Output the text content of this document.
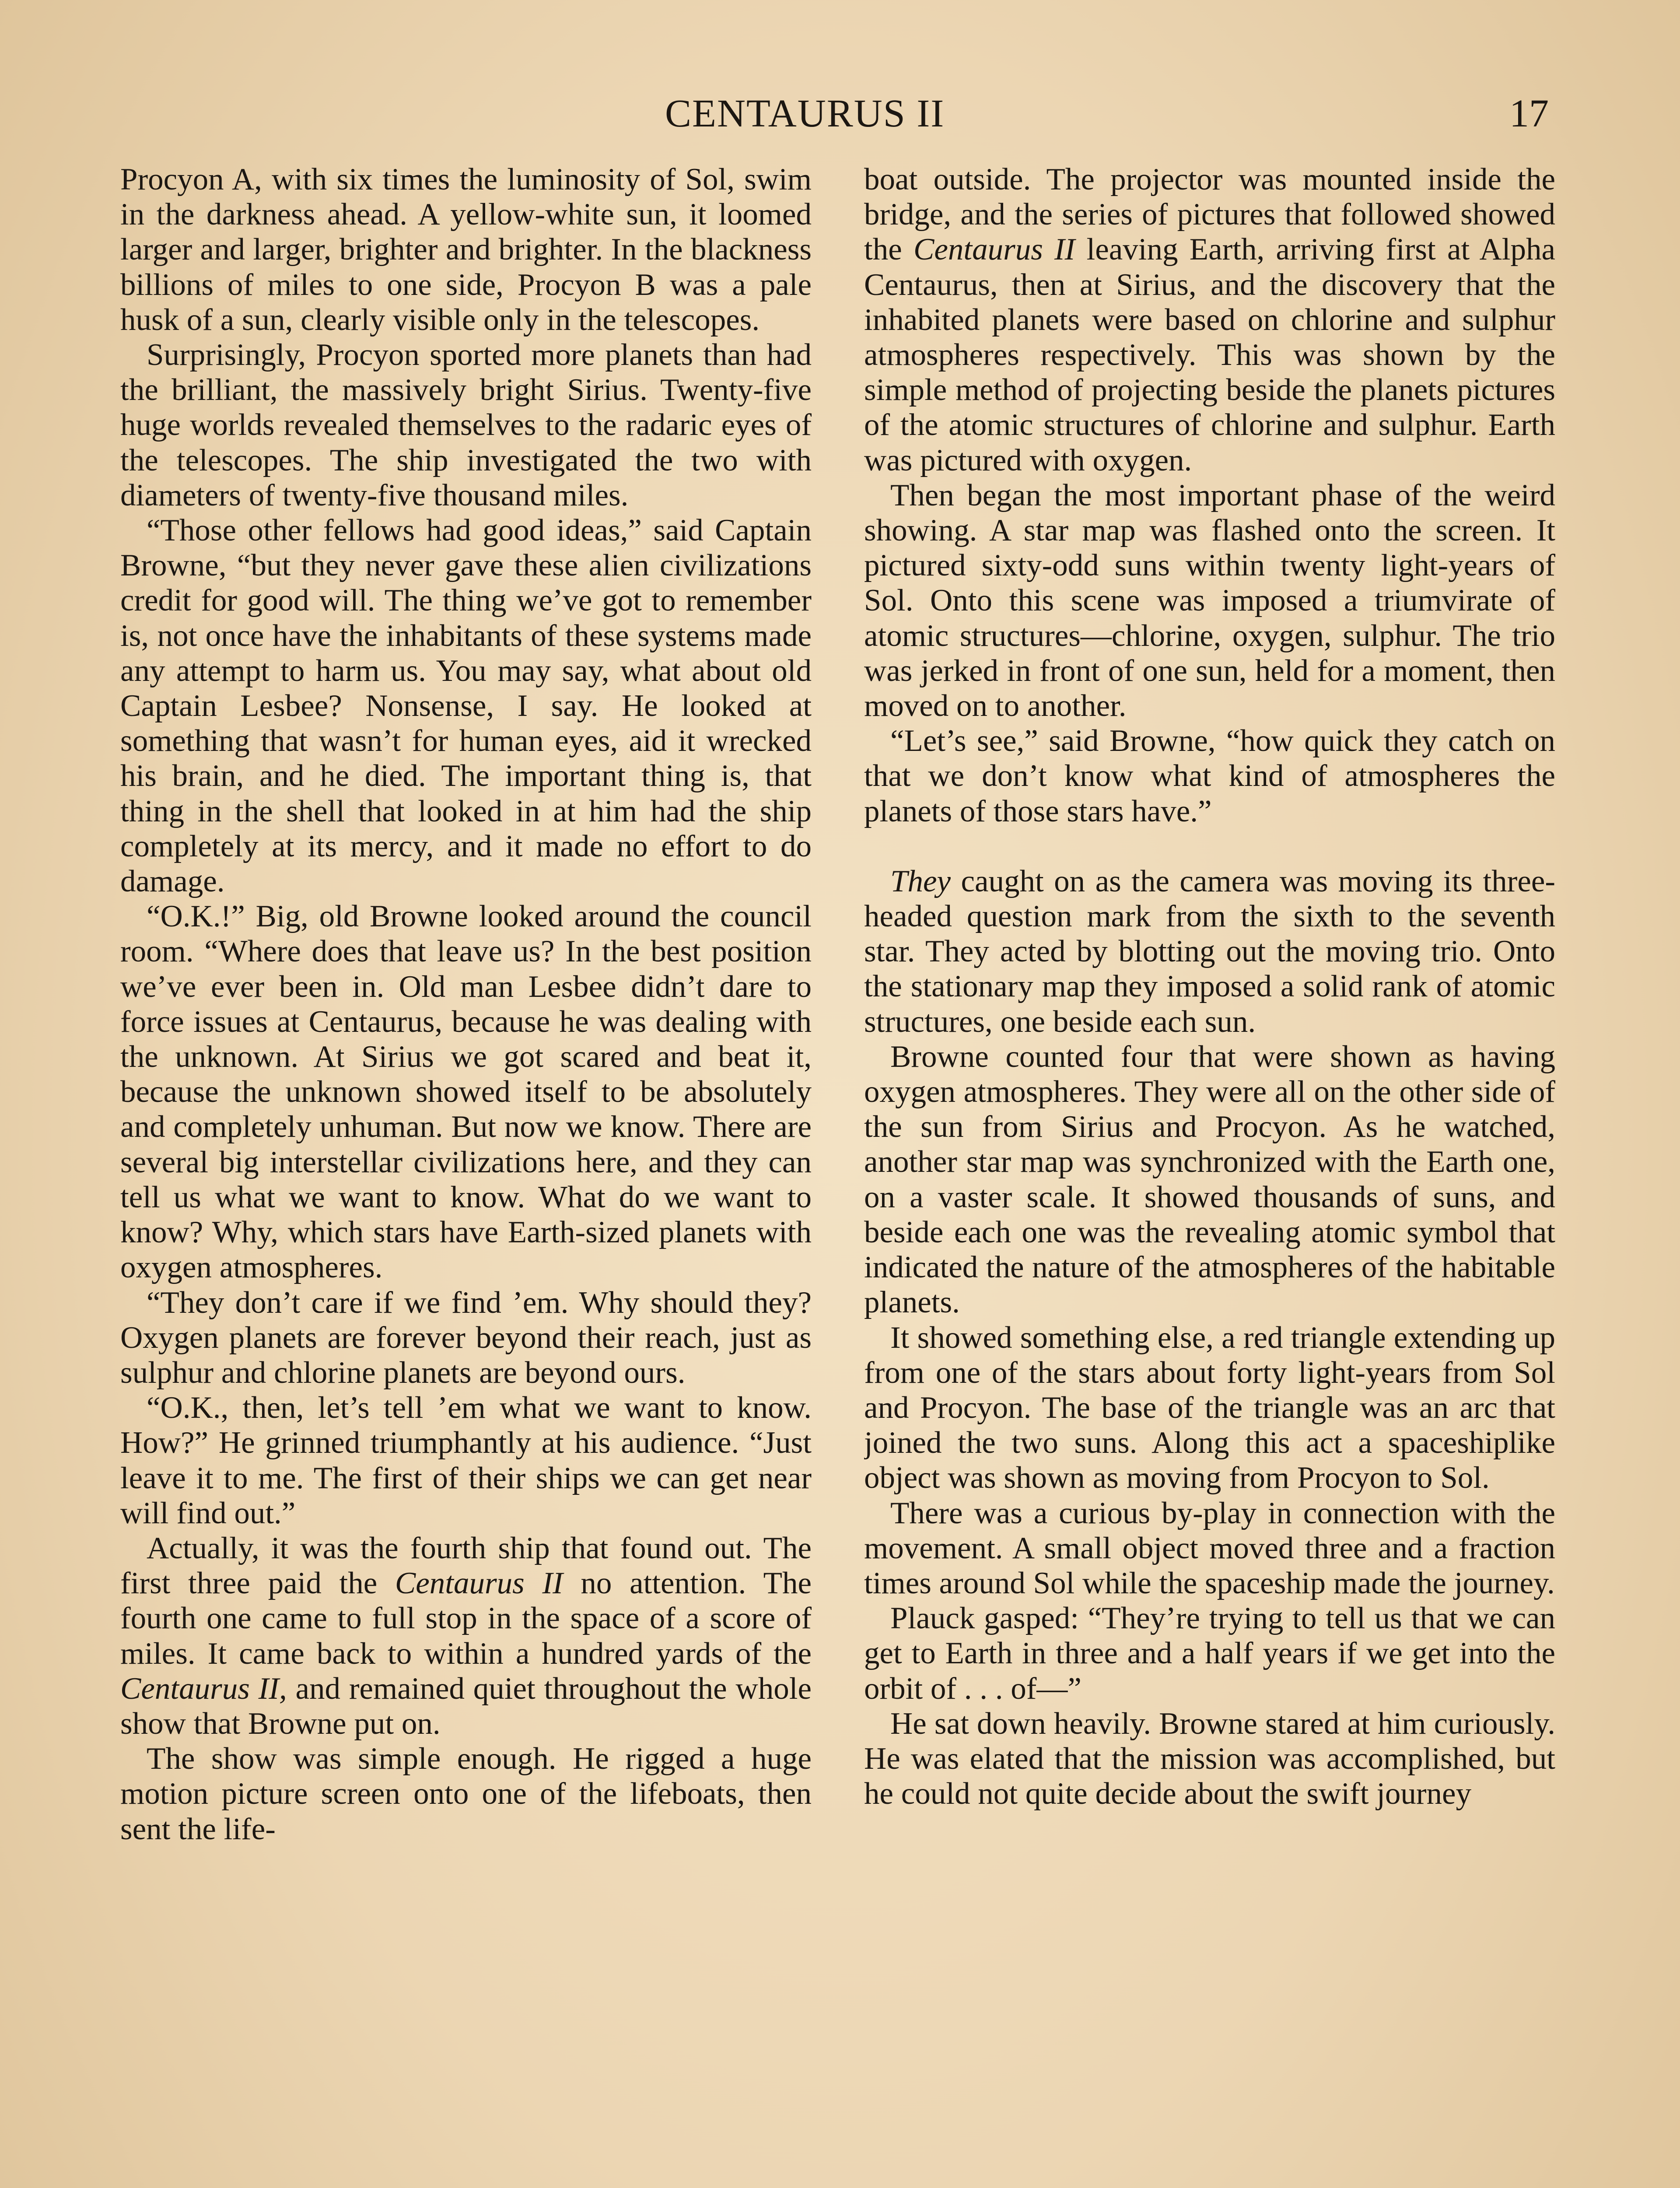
CENTAURUS II	17

Procyon A, with six times the luminosity of Sol, swim in the darkness ahead. A yellow-white sun, it loomed larger and larger, brighter and brighter. In the blackness billions of miles to one side, Procyon B was a pale husk of a sun, clearly visible only in the telescopes.

Surprisingly, Procyon sported more planets than had the brilliant, the massively bright Sirius. Twenty-five huge worlds revealed themselves to the radaric eyes of the telescopes. The ship investigated the two with diameters of twenty-five thousand miles.

“Those other fellows had good ideas,” said Captain Browne, “but they never gave these alien civilizations credit for good will. The thing we’ve got to remember is, not once have the inhabitants of these systems made any attempt to harm us. You may say, what about old Captain Lesbee? Nonsense, I say. He looked at something that wasn’t for human eyes, aid it wrecked his brain, and he died. The important thing is, that thing in the shell that looked in at him had the ship completely at its mercy, and it made no effort to do damage.

“O.K.!” Big, old Browne looked around the council room. “Where does that leave us? In the best position we’ve ever been in. Old man Lesbee didn’t dare to force issues at Centaurus, because he was dealing with the unknown. At Sirius we got scared and beat it, because the unknown showed itself to be absolutely and completely unhuman. But now we know. There are several big interstellar civilizations here, and they can tell us what we want to know. What do we want to know? Why, which stars have Earth-sized planets with oxygen atmospheres.

“They don’t care if we find ’em. Why should they? Oxygen planets are forever beyond their reach, just as sulphur and chlorine planets are beyond ours.

“O.K., then, let’s tell ’em what we want to know. How?” He grinned triumphantly at his audience. “Just leave it to me. The first of their ships we can get near will find out.”

Actually, it was the fourth ship that found out. The first three paid the Centaurus II no attention. The fourth one came to full stop in the space of a score of miles. It came back to within a hundred yards of the Centaurus II, and remained quiet throughout the whole show that Browne put on.

The show was simple enough. He rigged a huge motion picture screen onto one of the lifeboats, then sent the life-

boat outside. The projector was mounted inside the bridge, and the series of pictures that followed showed the Centaurus II leaving Earth, arriving first at Alpha Centaurus, then at Sirius, and the discovery that the inhabited planets were based on chlorine and sulphur atmospheres respectively. This was shown by the simple method of projecting beside the planets pictures of the atomic structures of chlorine and sulphur. Earth was pictured with oxygen.

Then began the most important phase of the weird showing. A star map was flashed onto the screen. It pictured sixty-odd suns within twenty light-years of Sol. Onto this scene was imposed a triumvirate of atomic structures—chlorine, oxygen, sulphur. The trio was jerked in front of one sun, held for a moment, then moved on to another.

“Let’s see,” said Browne, “how quick they catch on that we don’t know what kind of atmospheres the planets of those stars have.”

They caught on as the camera was moving its three-headed question mark from the sixth to the seventh star. They acted by blotting out the moving trio. Onto the stationary map they imposed a solid rank of atomic structures, one beside each sun.

Browne counted four that were shown as having oxygen atmospheres. They were all on the other side of the sun from Sirius and Procyon. As he watched, another star map was synchronized with the Earth one, on a vaster scale. It showed thousands of suns, and beside each one was the revealing atomic symbol that indicated the nature of the atmospheres of the habitable planets.

It showed something else, a red triangle extending up from one of the stars about forty light-years from Sol and Procyon. The base of the triangle was an arc that joined the two suns. Along this act a spaceshiplike object was shown as moving from Procyon to Sol.

There was a curious by-play in connection with the movement. A small object moved three and a fraction times around Sol while the spaceship made the journey.

Plauck gasped: “They’re trying to tell us that we can get to Earth in three and a half years if we get into the orbit of . . . of—”

He sat down heavily. Browne stared at him curiously. He was elated that the mission was accomplished, but he could not quite decide about the swift journey
